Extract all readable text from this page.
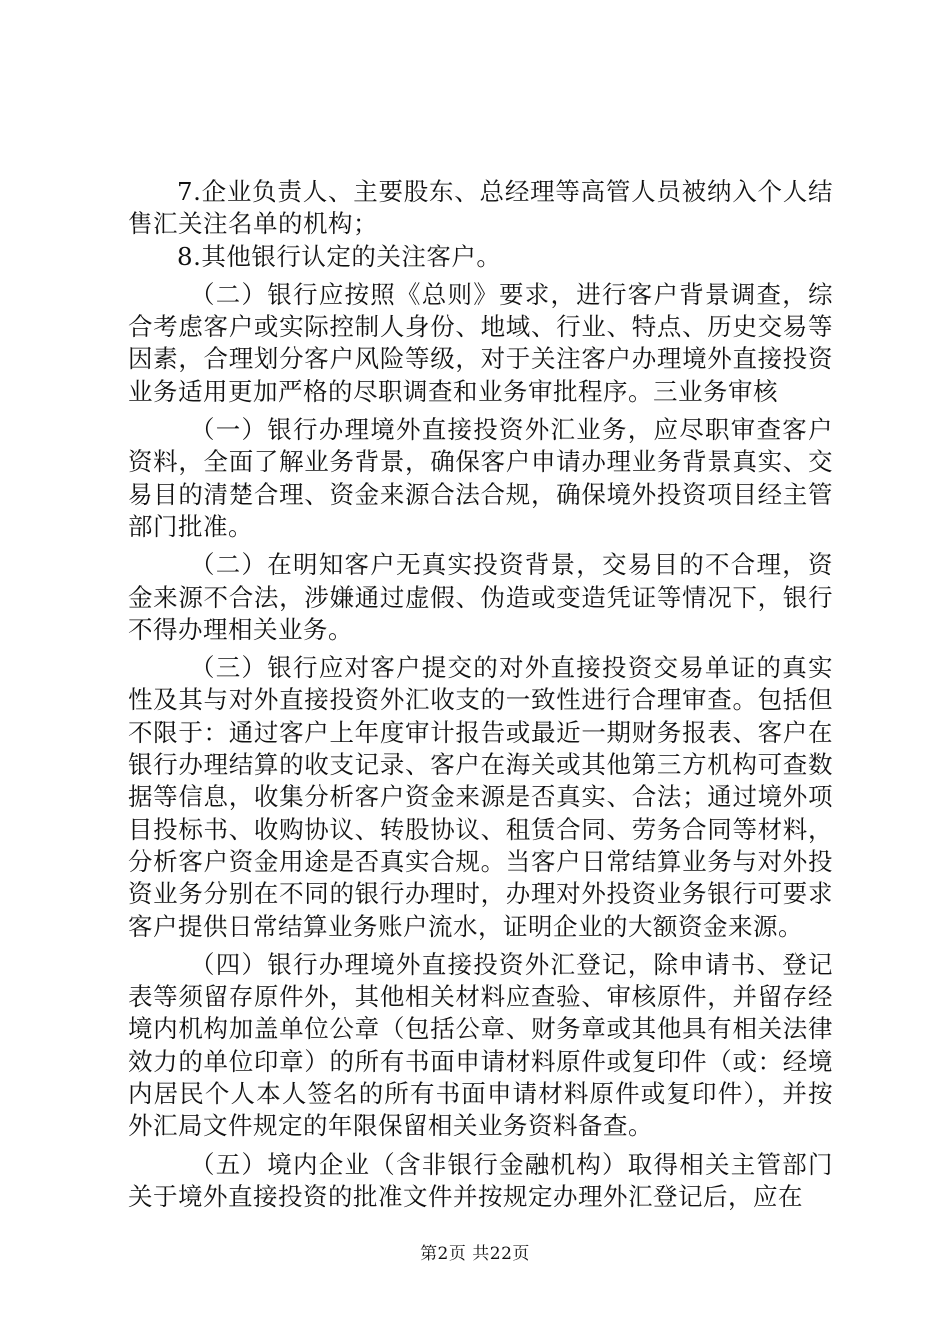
7.企业负责人、主要股东、总经理等高管人员被纳入个人结售汇关注名单的机构；

8.其他银行认定的关注客户。

（二）银行应按照《总则》要求，进行客户背景调查，综合考虑客户或实际控制人身份、地域、行业、特点、历史交易等因素，合理划分客户风险等级，对于关注客户办理境外直接投资业务适用更加严格的尽职调查和业务审批程序。三业务审核

（一）银行办理境外直接投资外汇业务，应尽职审查客户资料，全面了解业务背景，确保客户申请办理业务背景真实、交易目的清楚合理、资金来源合法合规，确保境外投资项目经主管部门批准。

（二）在明知客户无真实投资背景，交易目的不合理，资金来源不合法，涉嫌通过虚假、伪造或变造凭证等情况下，银行不得办理相关业务。

（三）银行应对客户提交的对外直接投资交易单证的真实性及其与对外直接投资外汇收支的一致性进行合理审查。包括但不限于：通过客户上年度审计报告或最近一期财务报表、客户在银行办理结算的收支记录、客户在海关或其他第三方机构可查数据等信息，收集分析客户资金来源是否真实、合法；通过境外项目投标书、收购协议、转股协议、租赁合同、劳务合同等材料，分析客户资金用途是否真实合规。当客户日常结算业务与对外投资业务分别在不同的银行办理时，办理对外投资业务银行可要求客户提供日常结算业务账户流水，证明企业的大额资金来源。

（四）银行办理境外直接投资外汇登记，除申请书、登记表等须留存原件外，其他相关材料应查验、审核原件，并留存经境内机构加盖单位公章（包括公章、财务章或其他具有相关法律效力的单位印章）的所有书面申请材料原件或复印件（或：经境内居民个人本人签名的所有书面申请材料原件或复印件），并按外汇局文件规定的年限保留相关业务资料备查。

（五）境内企业（含非银行金融机构）取得相关主管部门关于境外直接投资的批准文件并按规定办理外汇登记后，应在

第2页 共22页
